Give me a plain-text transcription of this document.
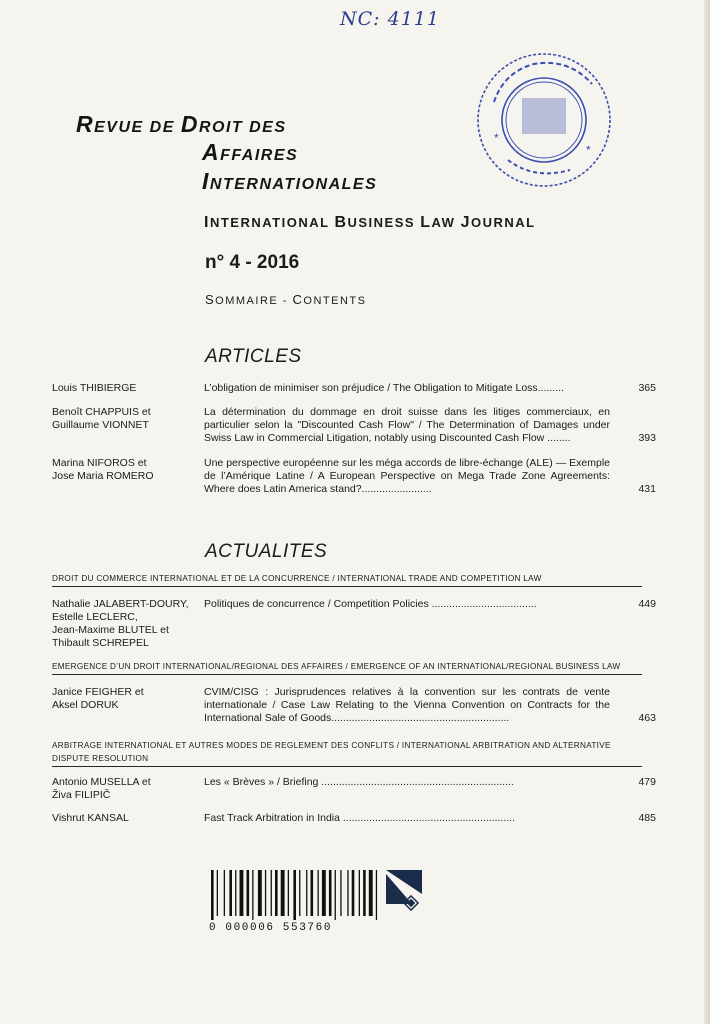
NC: 4111
*
*
REVUE DE DROIT DES
AFFAIRES
INTERNATIONALES
INTERNATIONAL BUSINESS LAW JOURNAL
n° 4 - 2016
SOMMAIRE - CONTENTS
ARTICLES
Louis THIBIERGE	L’obligation de minimiser son préjudice / The Obligation to Mitigate Loss.........	365
Benoît CHAPPUIS et
Guillaume VIONNET
La détermination du dommage en droit suisse dans les litiges commerciaux, en particulier selon la "Discounted Cash Flow" / The Determination of Damages under Swiss Law in Commercial Litigation, notably using Discounted Cash Flow ........	393
Marina NIFOROS et
Jose Maria ROMERO
Une perspective européenne sur les méga accords de libre-échange (ALE) — Exemple de l’Amérique Latine / A European Perspective on Mega Trade Zone Agreements: Where does Latin America stand?........................	431
ACTUALITES
DROIT DU COMMERCE INTERNATIONAL ET DE LA CONCURRENCE / INTERNATIONAL TRADE AND COMPETITION LAW
Nathalie JALABERT-DOURY,
Estelle LECLERC,
Jean-Maxime BLUTEL et
Thibault SCHREPEL
Politiques de concurrence / Competition Policies ....................................	449
EMERGENCE D’UN DROIT INTERNATIONAL/REGIONAL DES AFFAIRES / EMERGENCE OF AN INTERNATIONAL/REGIONAL BUSINESS LAW
Janice FEIGHER et
Aksel DORUK
CVIM/CISG : Jurisprudences relatives à la convention sur les contrats de vente internationale / Case Law Relating to the Vienna Convention on Contracts for the International Sale of Goods.............................................................	463
ARBITRAGE INTERNATIONAL ET AUTRES MODES DE REGLEMENT DES CONFLITS / INTERNATIONAL ARBITRATION AND ALTERNATIVE DISPUTE RESOLUTION
Antonio MUSELLA et
Živa FILIPIČ
Les « Brèves » / Briefing ..................................................................	479
Vishrut KANSAL	Fast Track Arbitration in India ...........................................................	485
0 000006 553760
